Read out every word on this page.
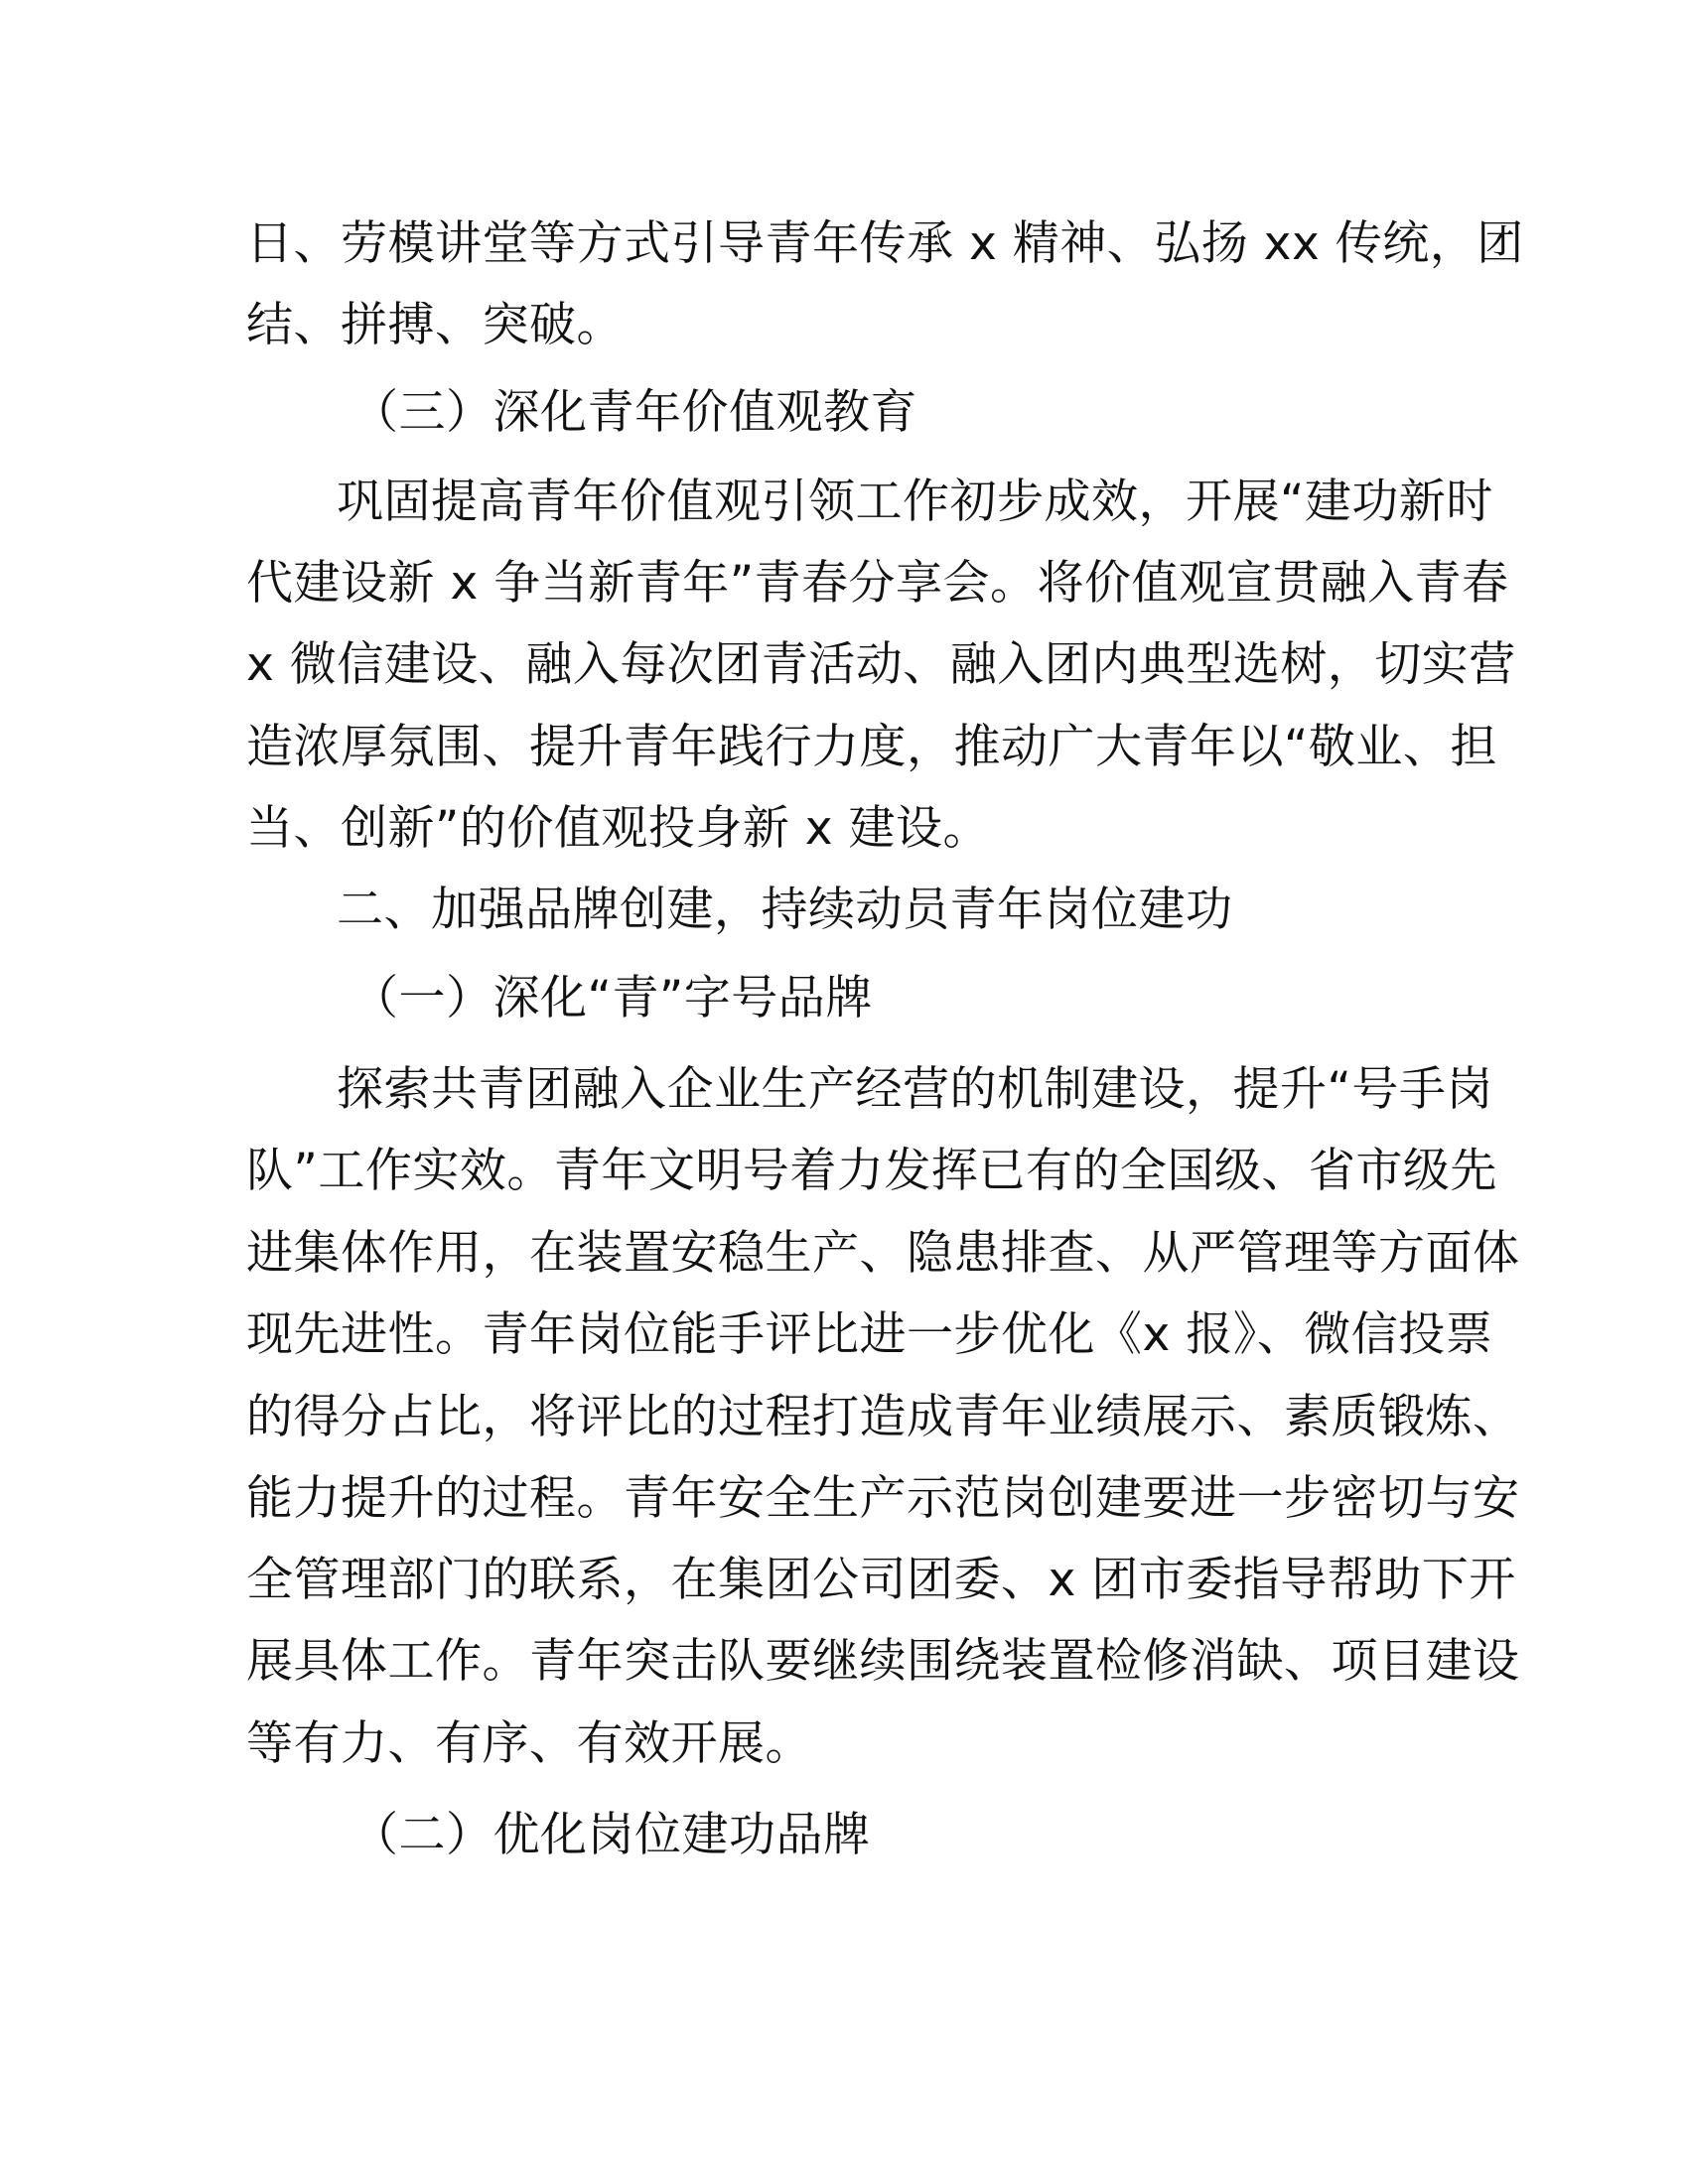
日、劳模讲堂等方式引导青年传承 x 精神、弘扬 xx 传统，团
结、拼搏、突破。
（三）深化青年价值观教育
巩固提高青年价值观引领工作初步成效，开展“建功新时
代建设新 x 争当新青年”青春分享会。将价值观宣贯融入青春
x 微信建设、融入每次团青活动、融入团内典型选树，切实营
造浓厚氛围、提升青年践行力度，推动广大青年以“敬业、担
当、创新”的价值观投身新 x 建设。
二、加强品牌创建，持续动员青年岗位建功
（一）深化“青”字号品牌
探索共青团融入企业生产经营的机制建设，提升“号手岗
队”工作实效。青年文明号着力发挥已有的全国级、省市级先
进集体作用，在装置安稳生产、隐患排查、从严管理等方面体
现先进性。青年岗位能手评比进一步优化《x 报》、微信投票
的得分占比，将评比的过程打造成青年业绩展示、素质锻炼、
能力提升的过程。青年安全生产示范岗创建要进一步密切与安
全管理部门的联系，在集团公司团委、x 团市委指导帮助下开
展具体工作。青年突击队要继续围绕装置检修消缺、项目建设
等有力、有序、有效开展。
（二）优化岗位建功品牌
